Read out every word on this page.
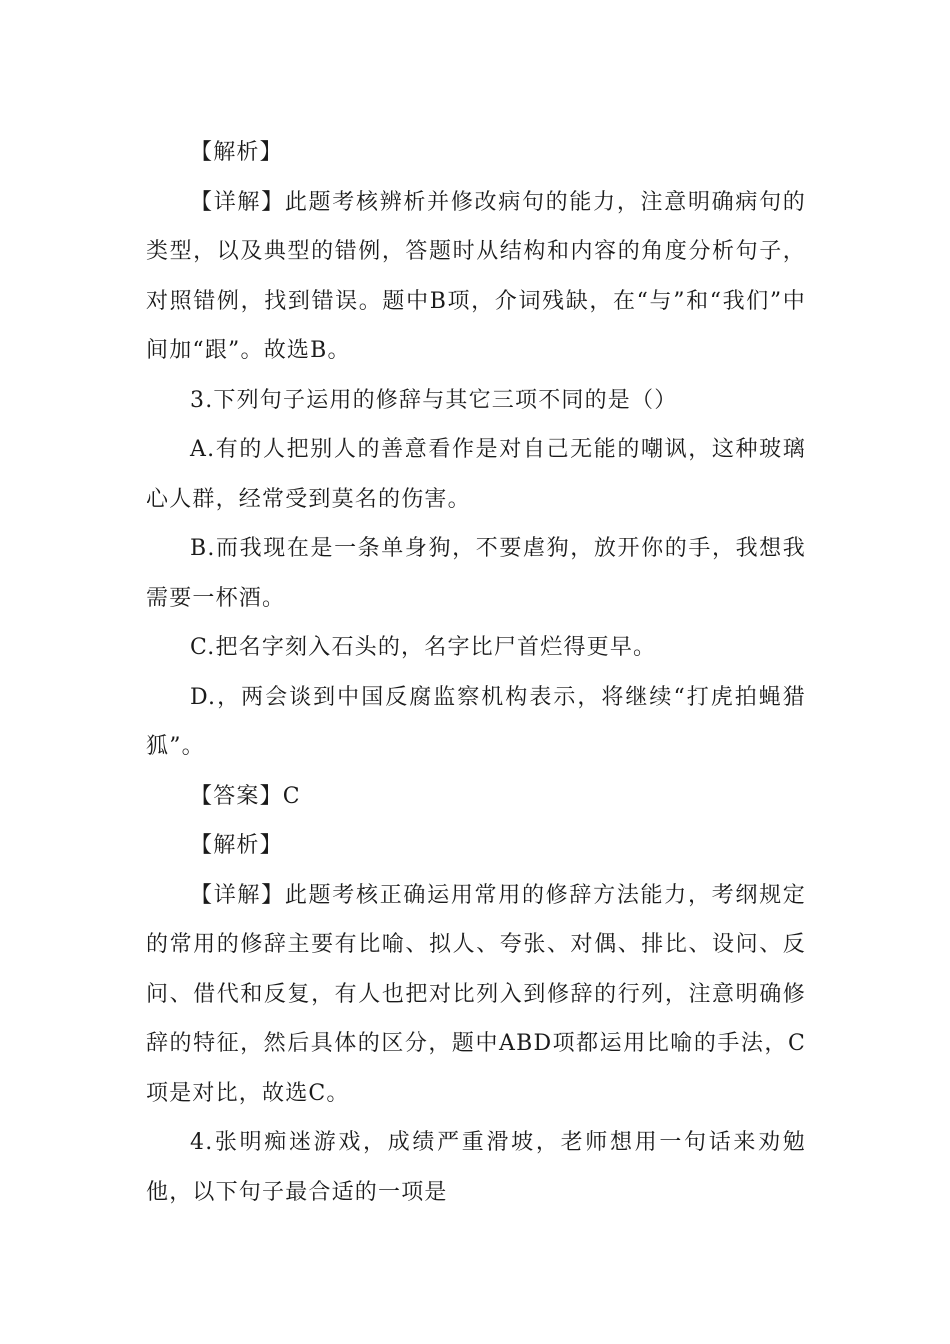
【解析】

【详解】此题考核辨析并修改病句的能力，注意明确病句的类型，以及典型的错例，答题时从结构和内容的角度分析句子，对照错例，找到错误。题中B项，介词残缺，在“与”和“我们”中间加“跟”。故选B。

3.下列句子运用的修辞与其它三项不同的是（）

A.有的人把别人的善意看作是对自己无能的嘲讽，这种玻璃心人群，经常受到莫名的伤害。

B.而我现在是一条单身狗，不要虐狗，放开你的手，我想我需要一杯酒。

C.把名字刻入石头的，名字比尸首烂得更早。

D.，两会谈到中国反腐监察机构表示，将继续“打虎拍蝇猎狐”。

【答案】C

【解析】

【详解】此题考核正确运用常用的修辞方法能力，考纲规定的常用的修辞主要有比喻、拟人、夸张、对偶、排比、设问、反问、借代和反复，有人也把对比列入到修辞的行列，注意明确修辞的特征，然后具体的区分，题中ABD项都运用比喻的手法，C项是对比，故选C。

4.张明痴迷游戏，成绩严重滑坡，老师想用一句话来劝勉他，以下句子最合适的一项是
